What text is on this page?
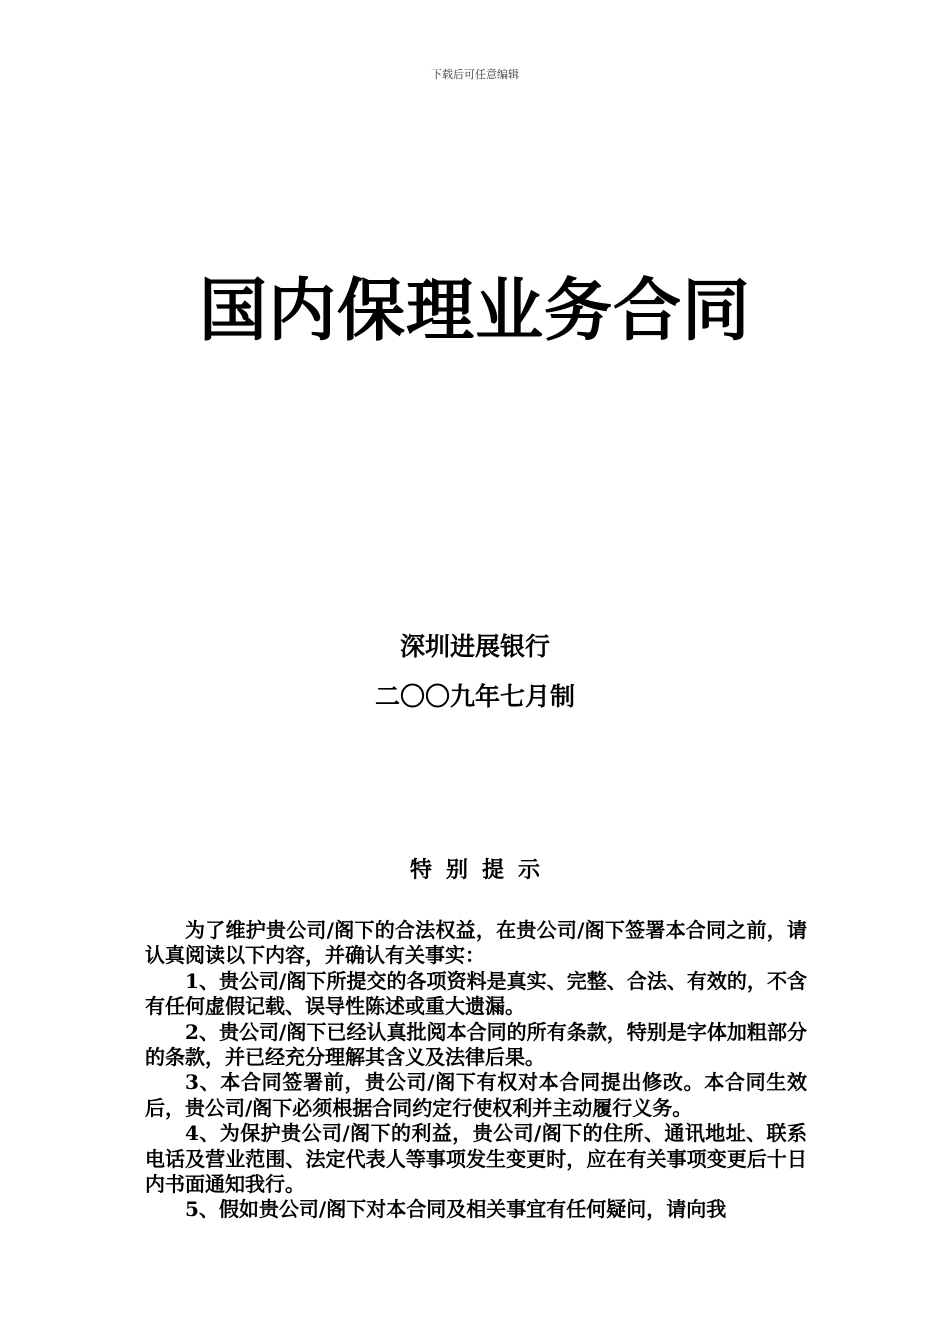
下载后可任意编辑
国内保理业务合同
深圳进展银行
二〇〇九年七月制
特别提示

为了维护贵公司/阁下的合法权益，在贵公司/阁下签署本合同之前，请认真阅读以下内容，并确认有关事实：

1、贵公司/阁下所提交的各项资料是真实、完整、合法、有效的，不含有任何虚假记载、误导性陈述或重大遗漏。

2、贵公司/阁下已经认真批阅本合同的所有条款，特别是字体加粗部分的条款，并已经充分理解其含义及法律后果。

3、本合同签署前，贵公司/阁下有权对本合同提出修改。本合同生效后，贵公司/阁下必须根据合同约定行使权利并主动履行义务。

4、为保护贵公司/阁下的利益，贵公司/阁下的住所、通讯地址、联系电话及营业范围、法定代表人等事项发生变更时，应在有关事项变更后十日内书面通知我行。

5、假如贵公司/阁下对本合同及相关事宜有任何疑问，请向我
